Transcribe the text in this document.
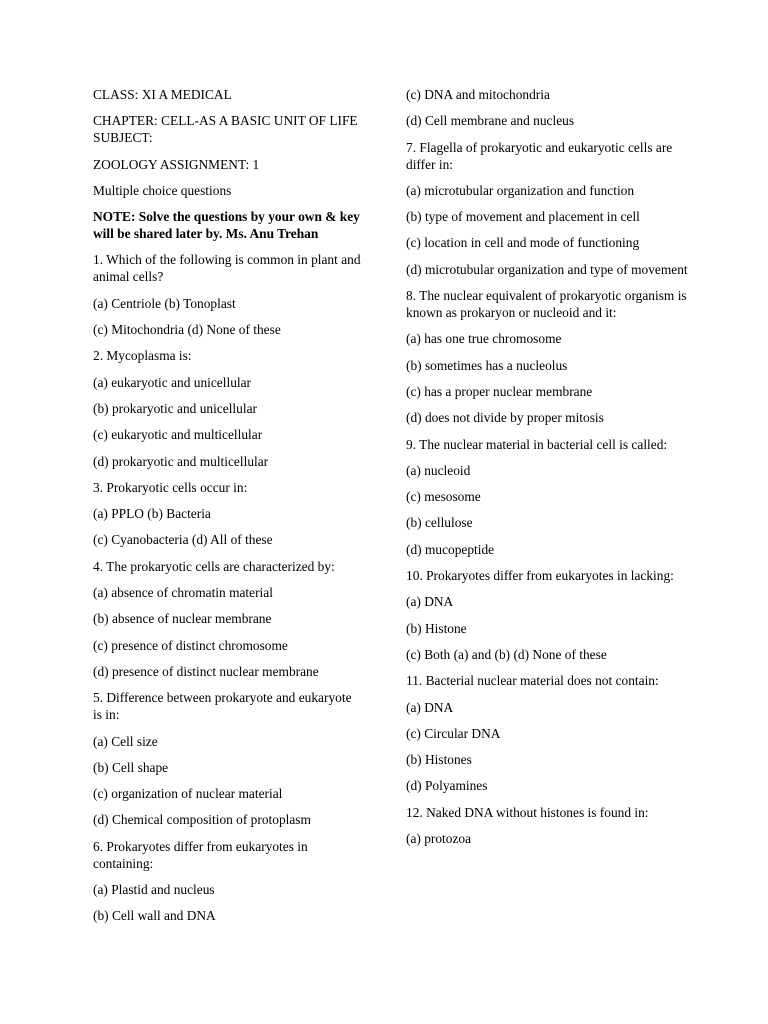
CLASS: XI A MEDICAL

CHAPTER: CELL-AS A BASIC UNIT OF LIFE SUBJECT:

ZOOLOGY ASSIGNMENT: 1

Multiple choice questions

NOTE: Solve the questions by your own & key will be shared later by. Ms. Anu Trehan

1. Which of the following is common in plant and animal cells?

(a) Centriole (b) Tonoplast

(c) Mitochondria (d) None of these

2. Mycoplasma is:

(a) eukaryotic and unicellular

(b) prokaryotic and unicellular

(c) eukaryotic and multicellular

(d) prokaryotic and multicellular

3. Prokaryotic cells occur in:

(a) PPLO (b) Bacteria

(c) Cyanobacteria (d) All of these

4. The prokaryotic cells are characterized by:

(a) absence of chromatin material

(b) absence of nuclear membrane

(c) presence of distinct chromosome

(d) presence of distinct nuclear membrane

5. Difference between prokaryote and eukaryote is in:

(a) Cell size

(b) Cell shape

(c) organization of nuclear material

(d) Chemical composition of protoplasm

6. Prokaryotes differ from eukaryotes in containing:

(a) Plastid and nucleus

(b) Cell wall and DNA

(c) DNA and mitochondria

(d) Cell membrane and nucleus

7. Flagella of prokaryotic and eukaryotic cells are differ in:

(a) microtubular organization and function

(b) type of movement and placement in cell

(c) location in cell and mode of functioning

(d) microtubular organization and type of movement

8. The nuclear equivalent of prokaryotic organism is known as prokaryon or nucleoid and it:

(a) has one true chromosome

(b) sometimes has a nucleolus

(c) has a proper nuclear membrane

(d) does not divide by proper mitosis

9. The nuclear material in bacterial cell is called:

(a) nucleoid

(c) mesosome

(b) cellulose

(d) mucopeptide

10. Prokaryotes differ from eukaryotes in lacking:

(a) DNA

(b) Histone

(c) Both (a) and (b) (d) None of these

11. Bacterial nuclear material does not contain:

(a) DNA

(c) Circular DNA

(b) Histones

(d) Polyamines

12. Naked DNA without histones is found in:

(a) protozoa
